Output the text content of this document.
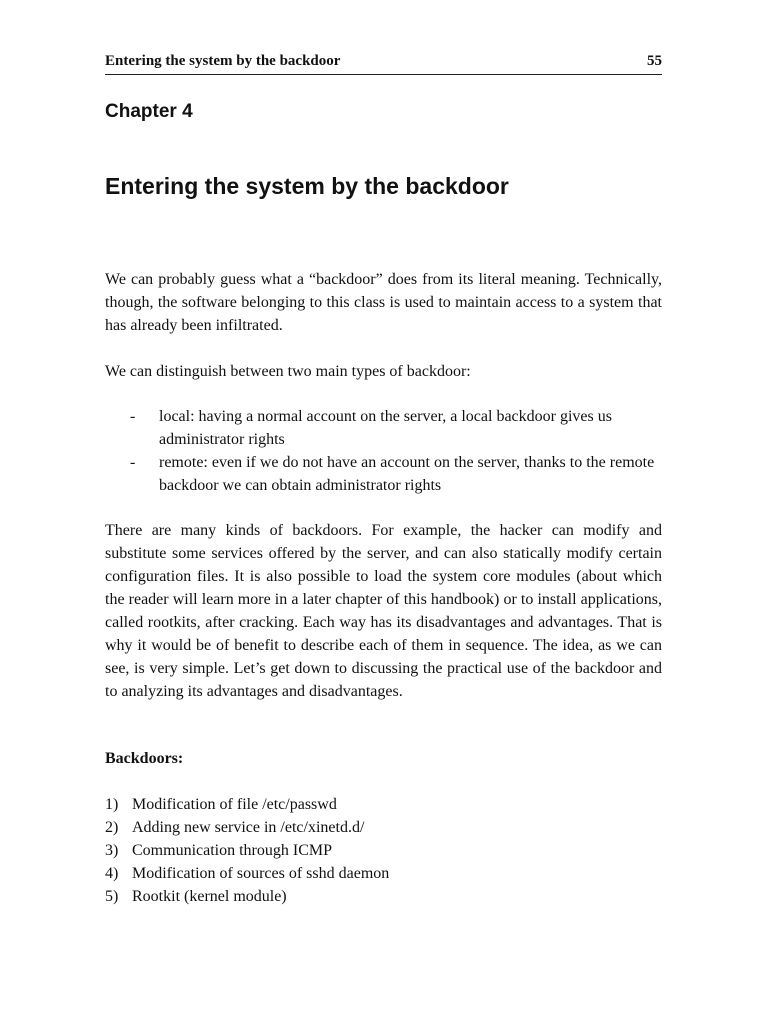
Entering the system by the backdoor	55
Chapter 4
Entering the system by the backdoor

We can probably guess what a “backdoor” does from its literal meaning. Technically, though, the software belonging to this class is used to maintain access to a system that has already been infiltrated.

We can distinguish between two main types of backdoor:

- local: having a normal account on the server, a local backdoor gives us administrator rights
- remote: even if we do not have an account on the server, thanks to the remote backdoor we can obtain administrator rights

There are many kinds of backdoors. For example, the hacker can modify and substitute some services offered by the server, and can also statically modify certain configuration files. It is also possible to load the system core modules (about which the reader will learn more in a later chapter of this handbook) or to install applications, called rootkits, after cracking. Each way has its disadvantages and advantages. That is why it would be of benefit to describe each of them in sequence. The idea, as we can see, is very simple. Let’s get down to discussing the practical use of the backdoor and to analyzing its advantages and disadvantages.

Backdoors:
1) Modification of file /etc/passwd
2) Adding new service in /etc/xinetd.d/
3) Communication through ICMP
4) Modification of sources of sshd daemon
5) Rootkit (kernel module)
